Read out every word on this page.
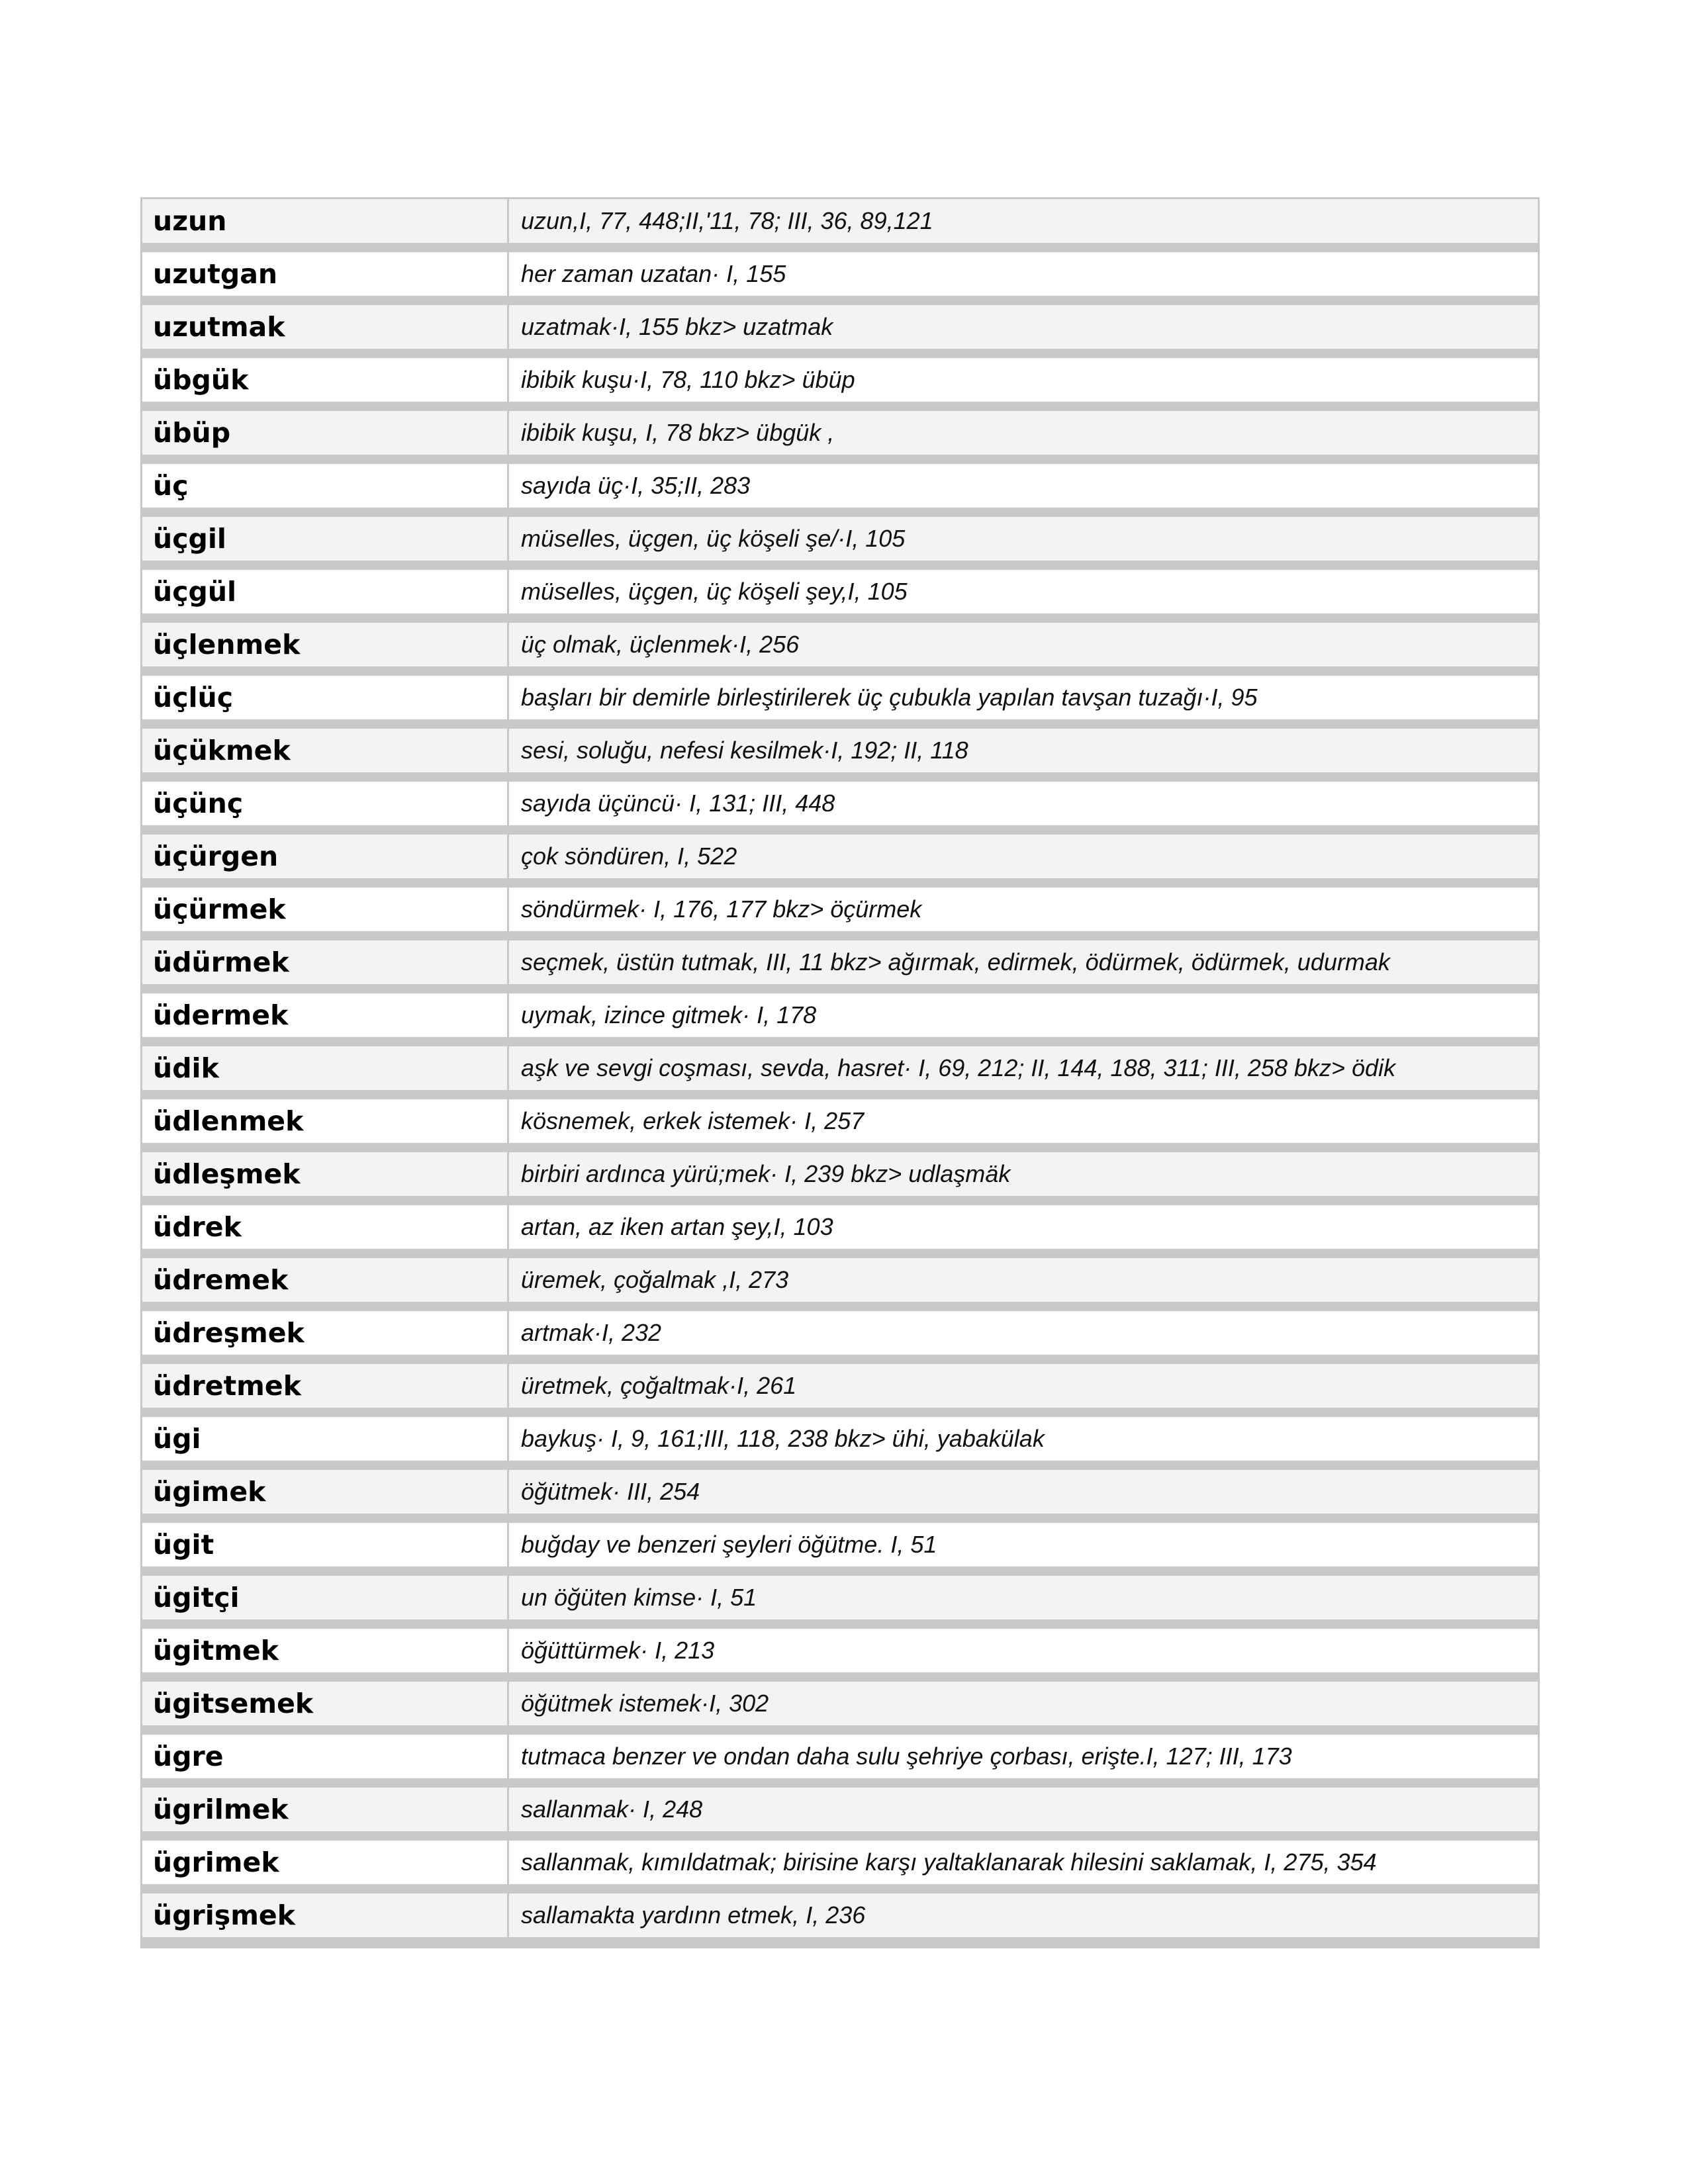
uzun	uzun,I, 77, 448;II,'11, 78; III, 36, 89,121
uzutgan	her zaman uzatan· I, 155
uzutmak	uzatmak·I, 155 bkz> uzatmak
übgük	ibibik kuşu·I, 78, 110 bkz> übüp
übüp	ibibik kuşu, I, 78 bkz> übgük ,
üç	sayıda üç·I, 35;II, 283
üçgil	müselles, üçgen, üç köşeli şe/·I, 105
üçgül	müselles, üçgen, üç köşeli şey,I, 105
üçlenmek	üç olmak, üçlenmek·I, 256
üçlüç	başları bir demirle birleştirilerek üç çubukla yapılan tavşan tuzağı·I, 95
üçükmek	sesi, soluğu, nefesi kesilmek·I, 192; II, 118
üçünç	sayıda üçüncü· I, 131; III, 448
üçürgen	çok söndüren, I, 522
üçürmek	söndürmek· I, 176, 177 bkz> öçürmek
üdürmek	seçmek, üstün tutmak, III, 11 bkz> ağırmak, edirmek, ödürmek, ödürmek, udurmak
üdermek	uymak, izince gitmek· I, 178
üdik	aşk ve sevgi coşması, sevda, hasret· I, 69, 212; II, 144, 188, 311; III, 258 bkz> ödik
üdlenmek	kösnemek, erkek istemek· I, 257
üdleşmek	birbiri ardınca yürü;mek· I, 239 bkz> udlaşmäk
üdrek	artan, az iken artan şey,I, 103
üdremek	üremek, çoğalmak ,I, 273
üdreşmek	artmak·I, 232
üdretmek	üretmek, çoğaltmak·I, 261
ügi	baykuş· I, 9, 161;III, 118, 238 bkz> ühi, yabakülak
ügimek	öğütmek· III, 254
ügit	buğday ve benzeri şeyleri öğütme. I, 51
ügitçi	un öğüten kimse· I, 51
ügitmek	öğüttürmek· I, 213
ügitsemek	öğütmek istemek·I, 302
ügre	tutmaca benzer ve ondan daha sulu şehriye çorbası, erişte.I, 127; III, 173
ügrilmek	sallanmak· I, 248
ügrimek	sallanmak, kımıldatmak; birisine karşı yaltaklanarak hilesini saklamak, I, 275, 354
ügrişmek	sallamakta yardınn etmek, I, 236
